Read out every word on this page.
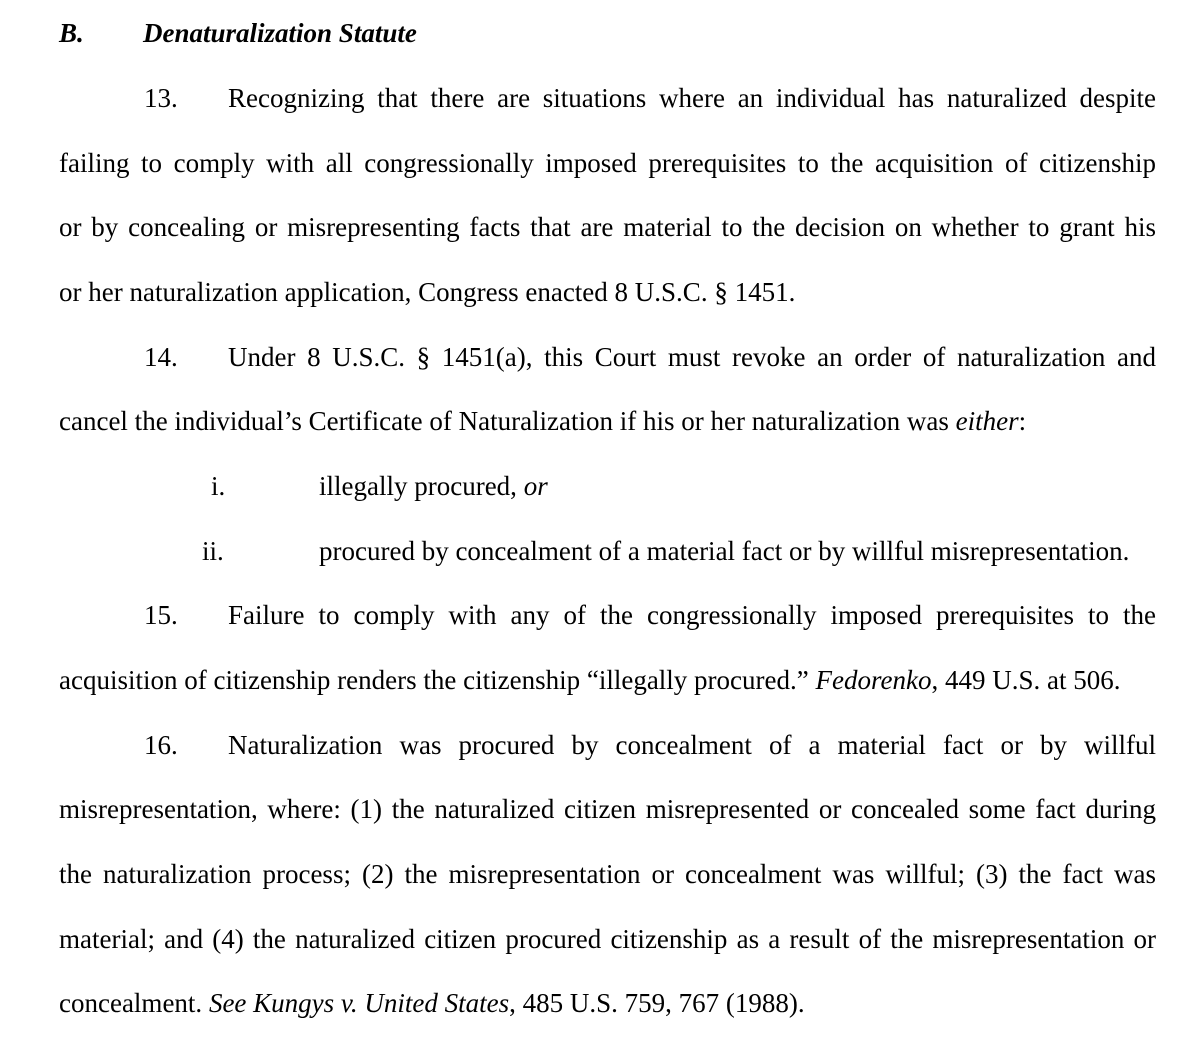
B. Denaturalization Statute
13. Recognizing that there are situations where an individual has naturalized despite
failing to comply with all congressionally imposed prerequisites to the acquisition of citizenship
or by concealing or misrepresenting facts that are material to the decision on whether to grant his
or her naturalization application, Congress enacted 8 U.S.C. § 1451.
14. Under 8 U.S.C. § 1451(a), this Court must revoke an order of naturalization and
cancel the individual’s Certificate of Naturalization if his or her naturalization was either:
i.	illegally procured, or
ii.	procured by concealment of a material fact or by willful misrepresentation.
15. Failure to comply with any of the congressionally imposed prerequisites to the
acquisition of citizenship renders the citizenship “illegally procured.” Fedorenko, 449 U.S. at 506.
16. Naturalization was procured by concealment of a material fact or by willful
misrepresentation, where: (1) the naturalized citizen misrepresented or concealed some fact during
the naturalization process; (2) the misrepresentation or concealment was willful; (3) the fact was
material; and (4) the naturalized citizen procured citizenship as a result of the misrepresentation or
concealment. See Kungys v. United States, 485 U.S. 759, 767 (1988).
